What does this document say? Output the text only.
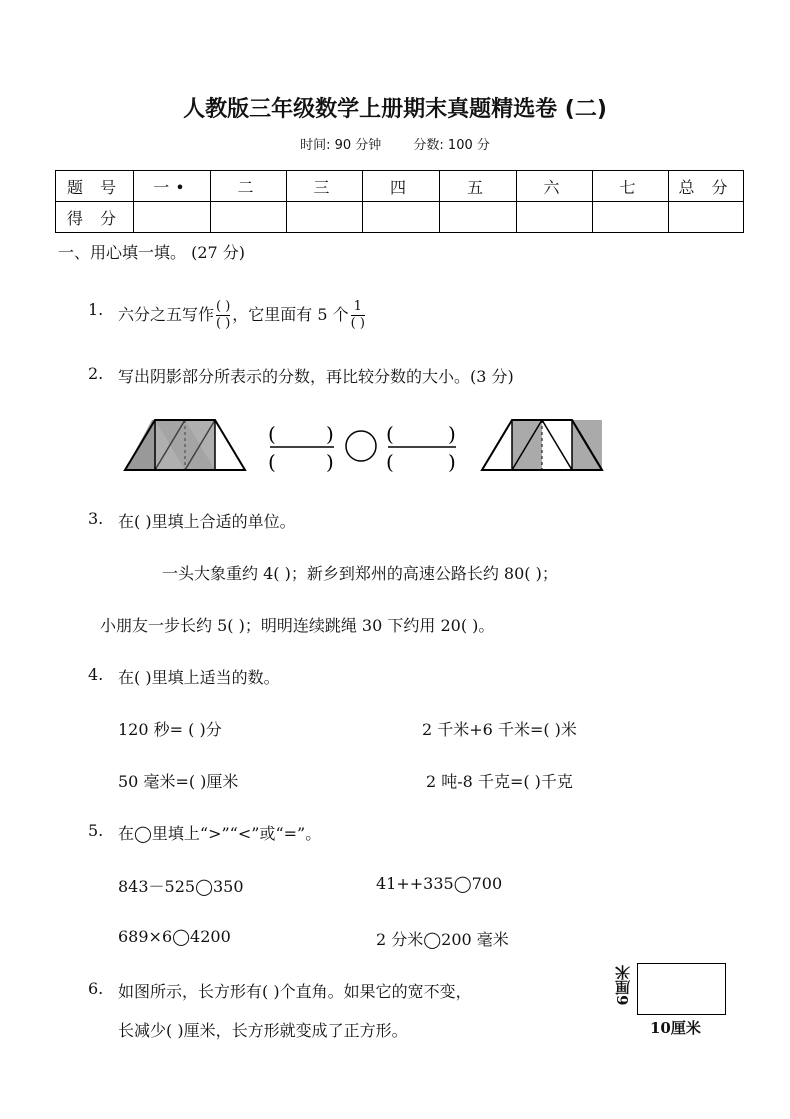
人教版三年级数学上册期末真题精选卷 (二)
时间: 90 分钟 分数: 100 分
题 号	一•	二	三	四	五	六	七	总 分
得 分								
一、用心填一填。 (27 分)
1. 六分之五写作 $\frac{( )}{( )}$ ，它里面有 5 个 $\frac{1}{( )}$
2. 写出阴影部分所表示的分数，再比较分数的大小。(3 分)
(	)
(	)
(	)
(	)
3. 在( )里填上合适的单位。
一头大象重约 4( )；新乡到郑州的高速公路长约 80( )；
小朋友一步长约 5( )；明明连续跳绳 30 下约用 20( )。
4. 在( )里填上适当的数。
120 秒= ( )分	2 千米+6 千米=( )米
50 毫米=( )厘米	2 吨-8 千克=( )千克
5. 在◯里填上“>”“<”或“=”。
843－525◯350	41++335◯700
689×6◯4200	2 分米◯200 毫米
6. 如图所示，长方形有( )个直角。如果它的宽不变，
长减少( )厘米，长方形就变成了正方形。
6厘米
10厘米
